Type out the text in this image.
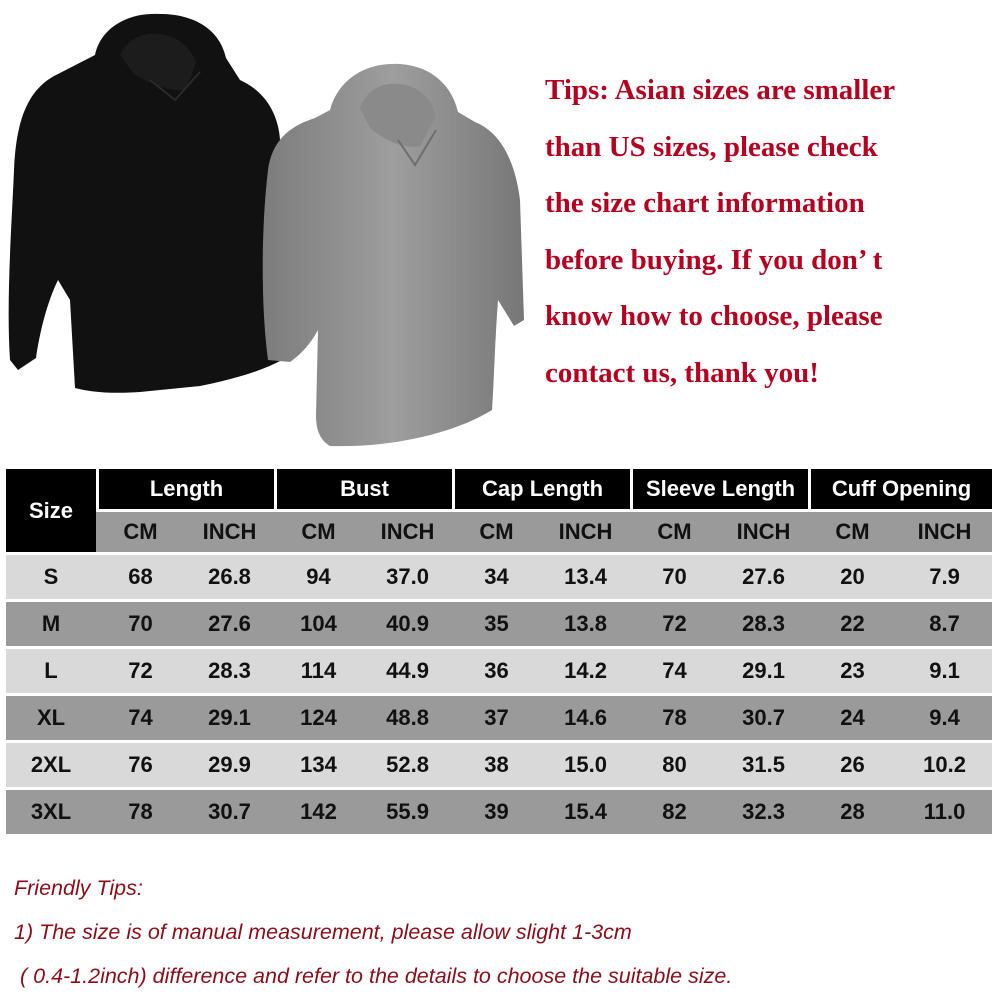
Tips: Asian sizes are smaller
than US sizes, please check
the size chart information
before buying. If you don’ t
know how to choose, please
contact us, thank you!
Size	Length		Bust		Cap Length		Sleeve Length		Cuff Opening	
	CM	INCH	CM	INCH	CM	INCH	CM	INCH	CM	INCH
S	68	26.8	94	37.0	34	13.4	70	27.6	20	7.9
M	70	27.6	104	40.9	35	13.8	72	28.3	22	8.7
L	72	28.3	114	44.9	36	14.2	74	29.1	23	9.1
XL	74	29.1	124	48.8	37	14.6	78	30.7	24	9.4
2XL	76	29.9	134	52.8	38	15.0	80	31.5	26	10.2
3XL	78	30.7	142	55.9	39	15.4	82	32.3	28	11.0
Friendly Tips:
1) The size is of manual measurement, please allow slight 1-3cm
( 0.4-1.2inch) difference and refer to the details to choose the suitable size.
